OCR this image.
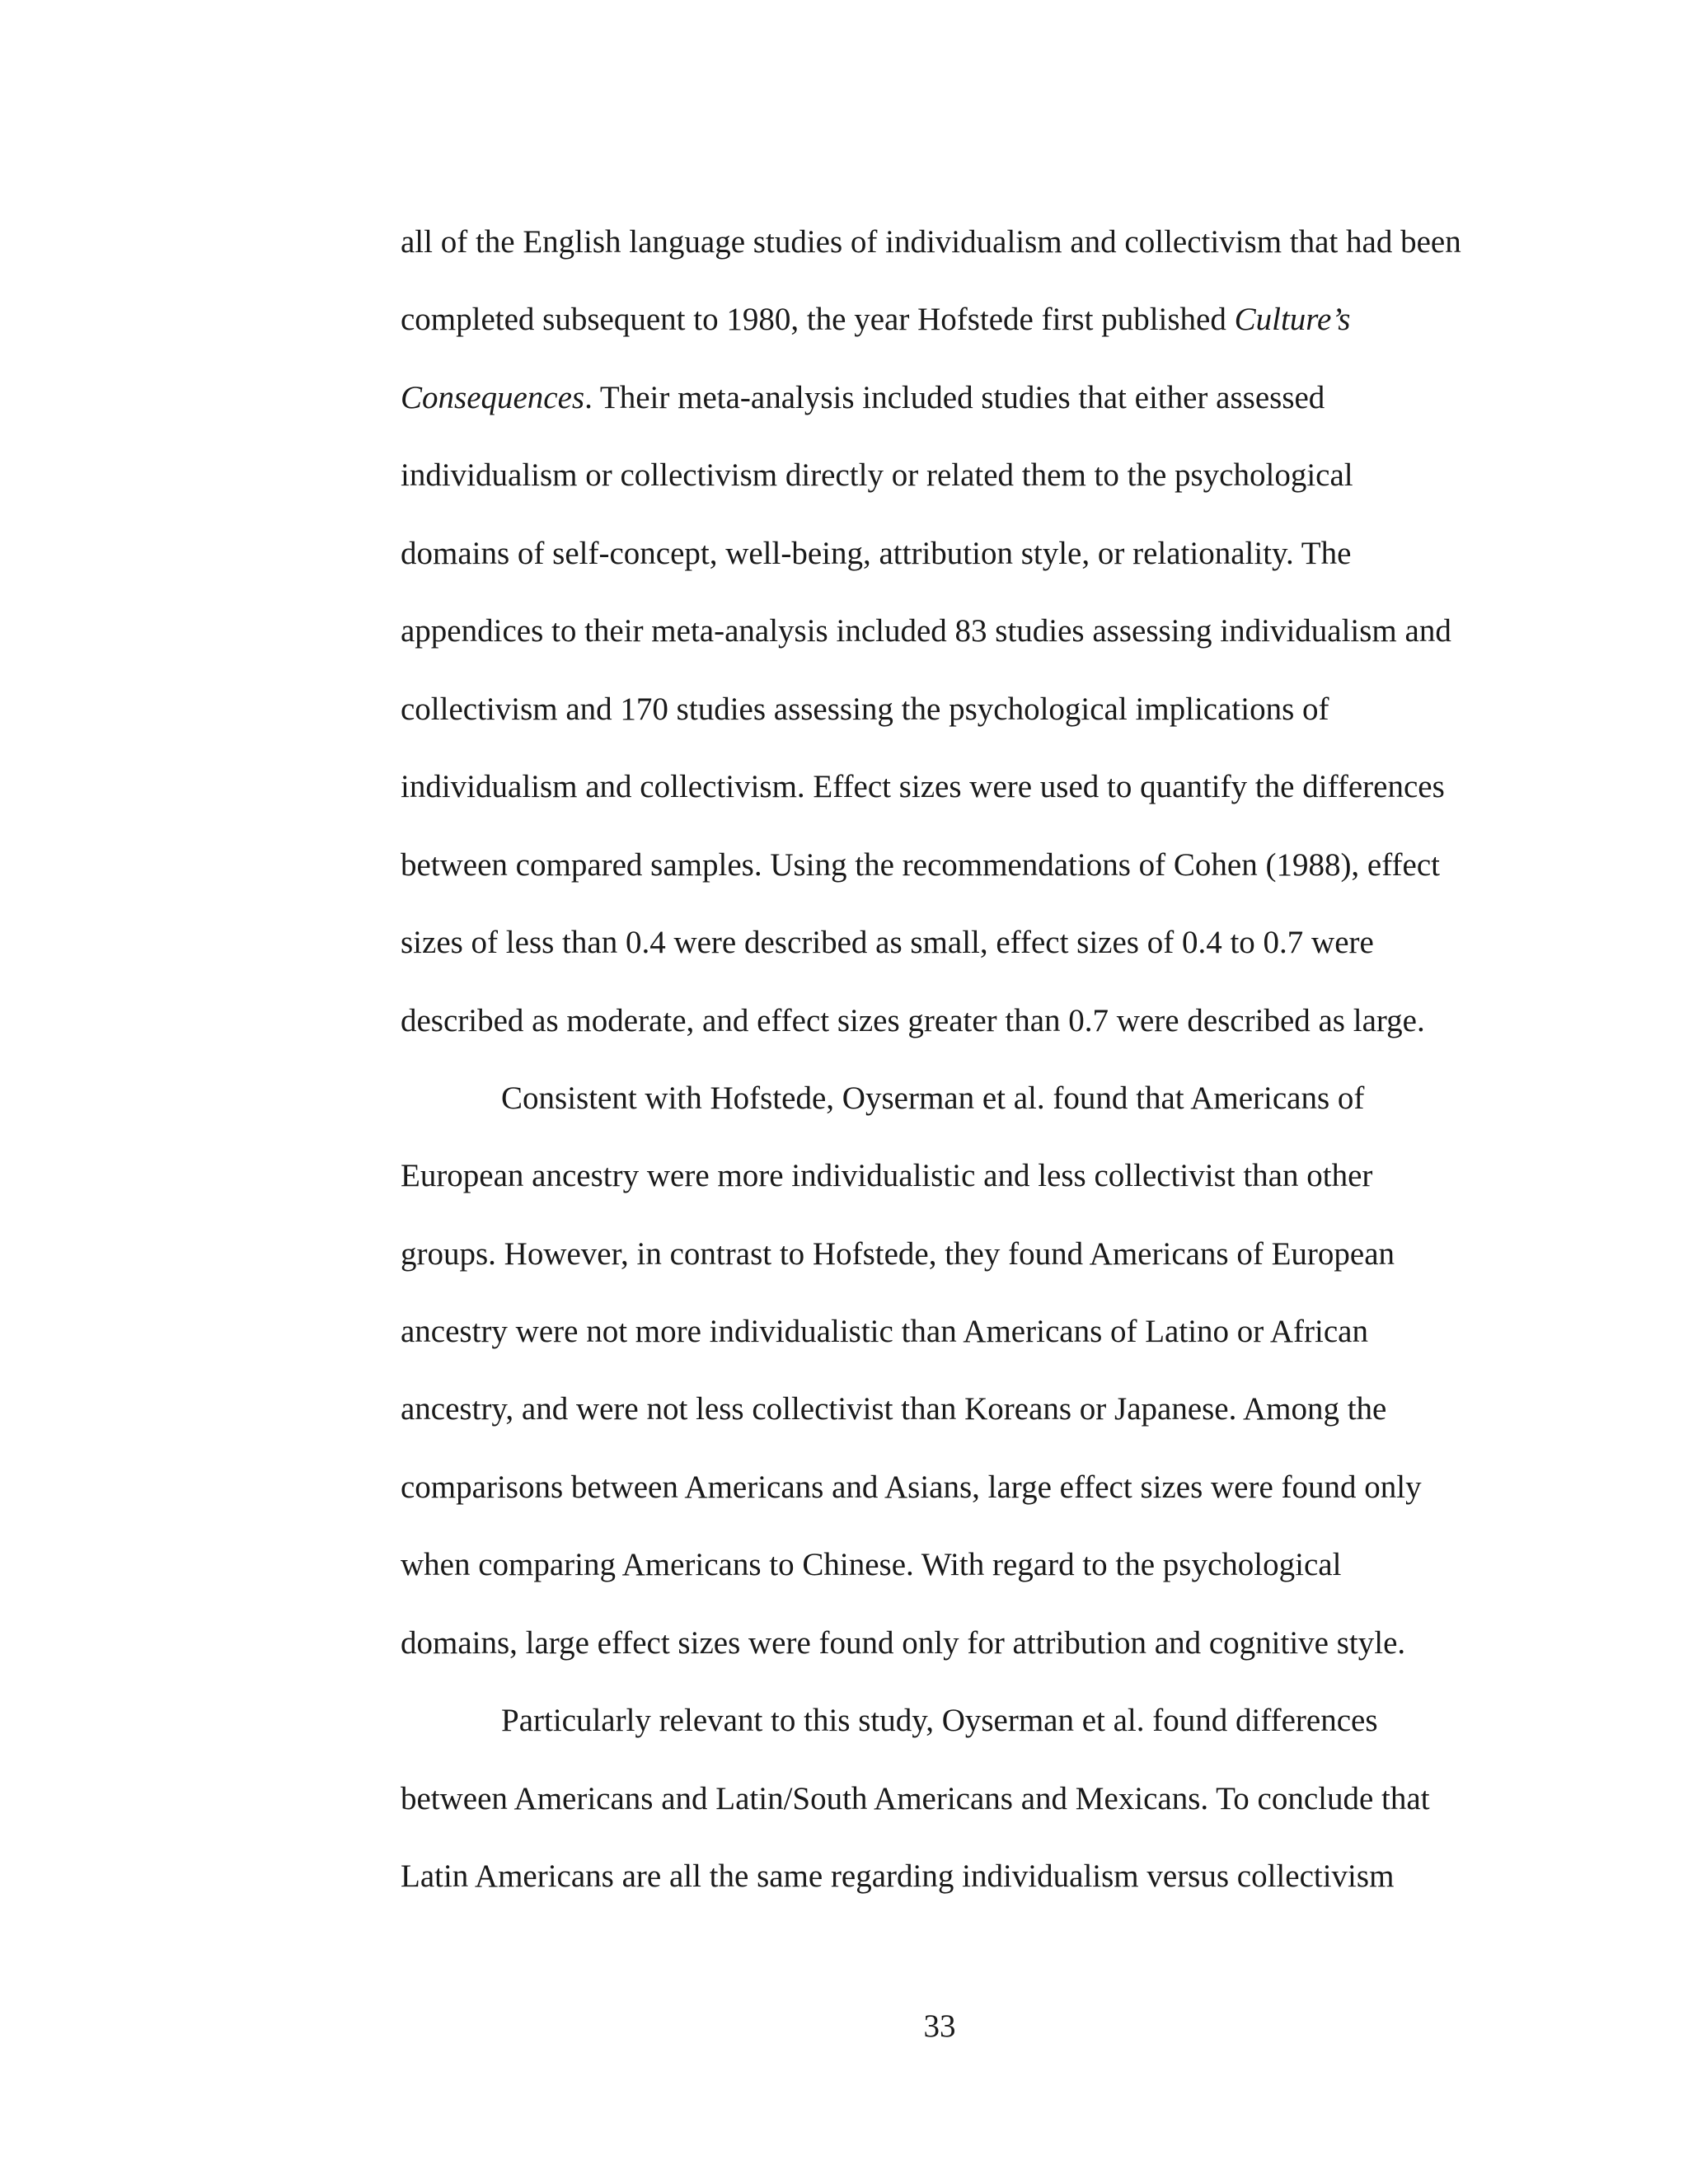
all of the English language studies of individualism and collectivism that had been
completed subsequent to 1980, the year Hofstede first published Culture’s
Consequences. Their meta-analysis included studies that either assessed
individualism or collectivism directly or related them to the psychological
domains of self-concept, well-being, attribution style, or relationality. The
appendices to their meta-analysis included 83 studies assessing individualism and
collectivism and 170 studies assessing the psychological implications of
individualism and collectivism. Effect sizes were used to quantify the differences
between compared samples. Using the recommendations of Cohen (1988), effect
sizes of less than 0.4 were described as small, effect sizes of 0.4 to 0.7 were
described as moderate, and effect sizes greater than 0.7 were described as large.
Consistent with Hofstede, Oyserman et al. found that Americans of
European ancestry were more individualistic and less collectivist than other
groups. However, in contrast to Hofstede, they found Americans of European
ancestry were not more individualistic than Americans of Latino or African
ancestry, and were not less collectivist than Koreans or Japanese. Among the
comparisons between Americans and Asians, large effect sizes were found only
when comparing Americans to Chinese. With regard to the psychological
domains, large effect sizes were found only for attribution and cognitive style.
Particularly relevant to this study, Oyserman et al. found differences
between Americans and Latin/South Americans and Mexicans. To conclude that
Latin Americans are all the same regarding individualism versus collectivism
33
